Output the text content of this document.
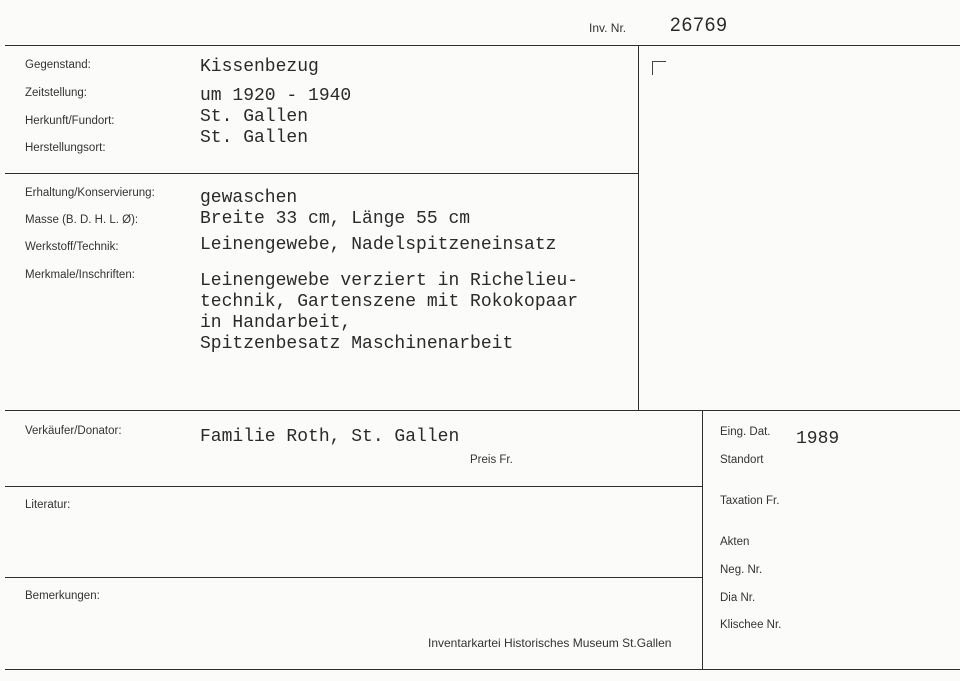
Inv. Nr. 26769
Gegenstand:
Zeitstellung:
Herkunft/Fundort:
Herstellungsort:
Kissenbezug
um 1920 - 1940
St. Gallen
St. Gallen
Erhaltung/Konservierung:
Masse (B. D. H. L. Ø):
Werkstoff/Technik:
Merkmale/Inschriften:
gewaschen
Breite 33 cm, Länge 55 cm
Leinengewebe, Nadelspitzeneinsatz
Leinengewebe verziert in Richelieu-
technik, Gartenszene mit Rokokopaar
in Handarbeit,
Spitzenbesatz Maschinenarbeit
Verkäufer/Donator:	Familie Roth, St. Gallen
Preis Fr.
Literatur:
Bemerkungen:
Inventarkartei Historisches Museum St.Gallen
Eing. Dat. 1989
Standort
Taxation Fr.
Akten
Neg. Nr.
Dia Nr.
Klischee Nr.
